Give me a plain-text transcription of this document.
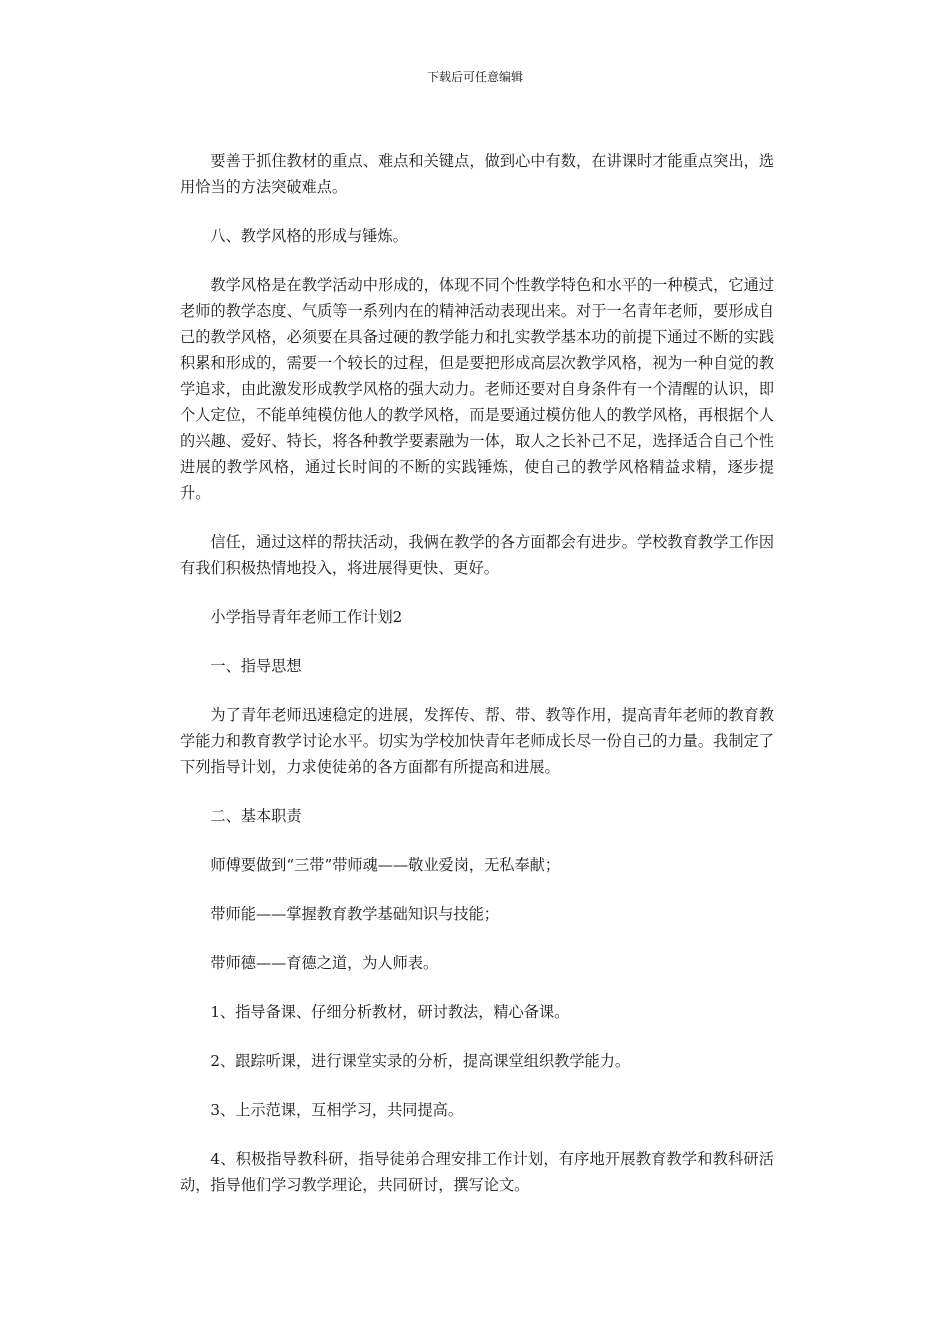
下载后可任意编辑

要善于抓住教材的重点、难点和关键点，做到心中有数，在讲课时才能重点突出，选用恰当的方法突破难点。

八、教学风格的形成与锤炼。

教学风格是在教学活动中形成的，体现不同个性教学特色和水平的一种模式，它通过老师的教学态度、气质等一系列内在的精神活动表现出来。对于一名青年老师，要形成自己的教学风格，必须要在具备过硬的教学能力和扎实教学基本功的前提下通过不断的实践积累和形成的，需要一个较长的过程，但是要把形成高层次教学风格，视为一种自觉的教学追求，由此激发形成教学风格的强大动力。老师还要对自身条件有一个清醒的认识，即个人定位，不能单纯模仿他人的教学风格，而是要通过模仿他人的教学风格，再根据个人的兴趣、爱好、特长，将各种教学要素融为一体，取人之长补己不足，选择适合自己个性进展的教学风格，通过长时间的不断的实践锤炼，使自己的教学风格精益求精，逐步提升。

信任，通过这样的帮扶活动，我俩在教学的各方面都会有进步。学校教育教学工作因有我们积极热情地投入，将进展得更快、更好。

小学指导青年老师工作计划2

一、指导思想

为了青年老师迅速稳定的进展，发挥传、帮、带、教等作用，提高青年老师的教育教学能力和教育教学讨论水平。切实为学校加快青年老师成长尽一份自己的力量。我制定了下列指导计划，力求使徒弟的各方面都有所提高和进展。

二、基本职责

师傅要做到“三带”带师魂——敬业爱岗，无私奉献；

带师能——掌握教育教学基础知识与技能；

带师德——育德之道，为人师表。

1、指导备课、仔细分析教材，研讨教法，精心备课。

2、跟踪听课，进行课堂实录的分析，提高课堂组织教学能力。

3、上示范课，互相学习，共同提高。

4、积极指导教科研，指导徒弟合理安排工作计划，有序地开展教育教学和教科研活动，指导他们学习教学理论，共同研讨，撰写论文。
